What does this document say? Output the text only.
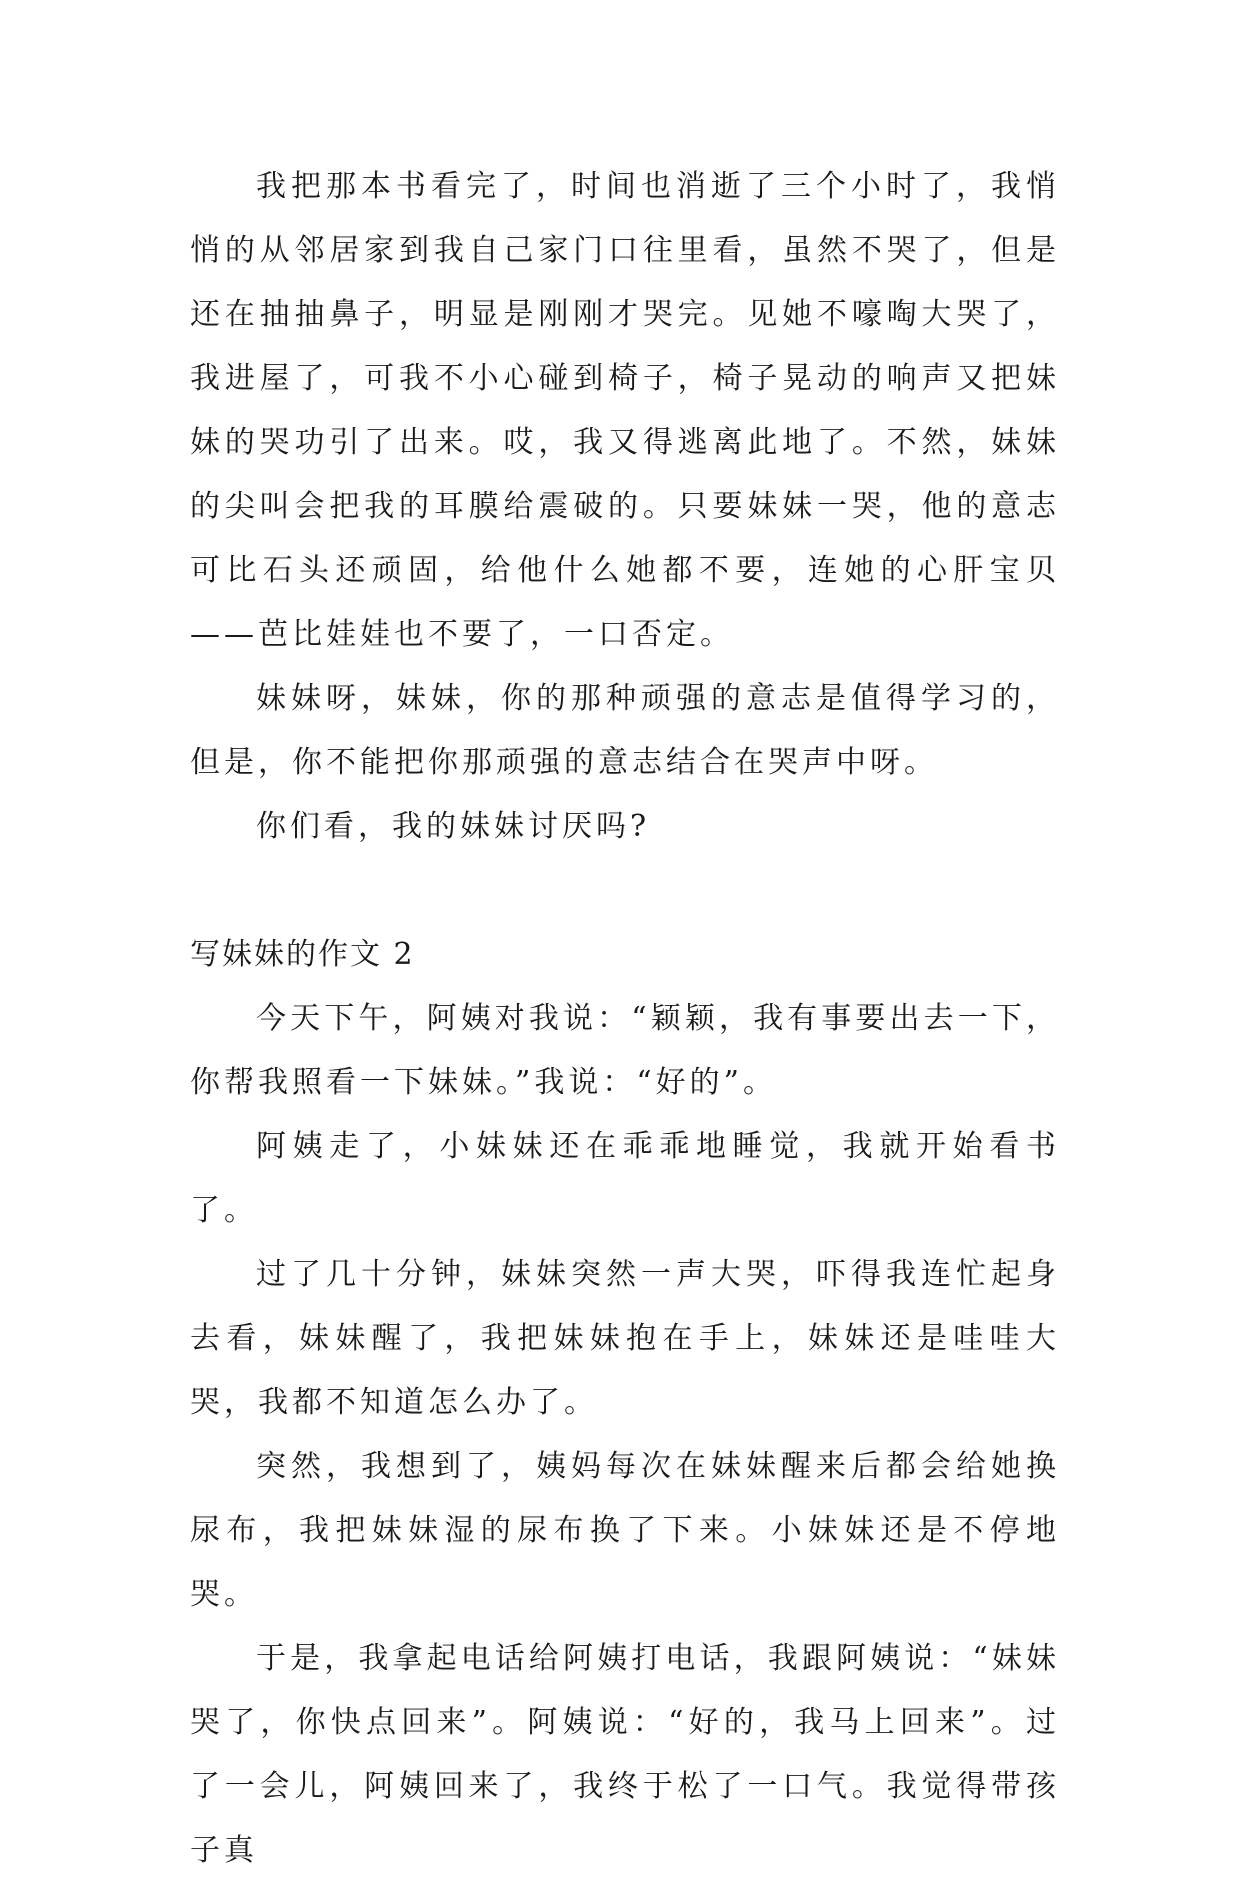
我把那本书看完了，时间也消逝了三个小时了，我悄悄的从邻居家到我自己家门口往里看，虽然不哭了，但是还在抽抽鼻子，明显是刚刚才哭完。见她不嚎啕大哭了，我进屋了，可我不小心碰到椅子，椅子晃动的响声又把妹妹的哭功引了出来。哎，我又得逃离此地了。不然，妹妹的尖叫会把我的耳膜给震破的。只要妹妹一哭，他的意志可比石头还顽固，给他什么她都不要，连她的心肝宝贝——芭比娃娃也不要了，一口否定。

妹妹呀，妹妹，你的那种顽强的意志是值得学习的，但是，你不能把你那顽强的意志结合在哭声中呀。

你们看，我的妹妹讨厌吗?

写妹妹的作文 2

今天下午，阿姨对我说：“颖颖，我有事要出去一下，你帮我照看一下妹妹。”我说：“好的”。

阿姨走了，小妹妹还在乖乖地睡觉，我就开始看书了。

过了几十分钟，妹妹突然一声大哭，吓得我连忙起身去看，妹妹醒了，我把妹妹抱在手上，妹妹还是哇哇大哭，我都不知道怎么办了。

突然，我想到了，姨妈每次在妹妹醒来后都会给她换尿布，我把妹妹湿的尿布换了下来。小妹妹还是不停地哭。

于是，我拿起电话给阿姨打电话，我跟阿姨说：“妹妹哭了，你快点回来”。阿姨说：“好的，我马上回来”。过了一会儿，阿姨回来了，我终于松了一口气。我觉得带孩子真
